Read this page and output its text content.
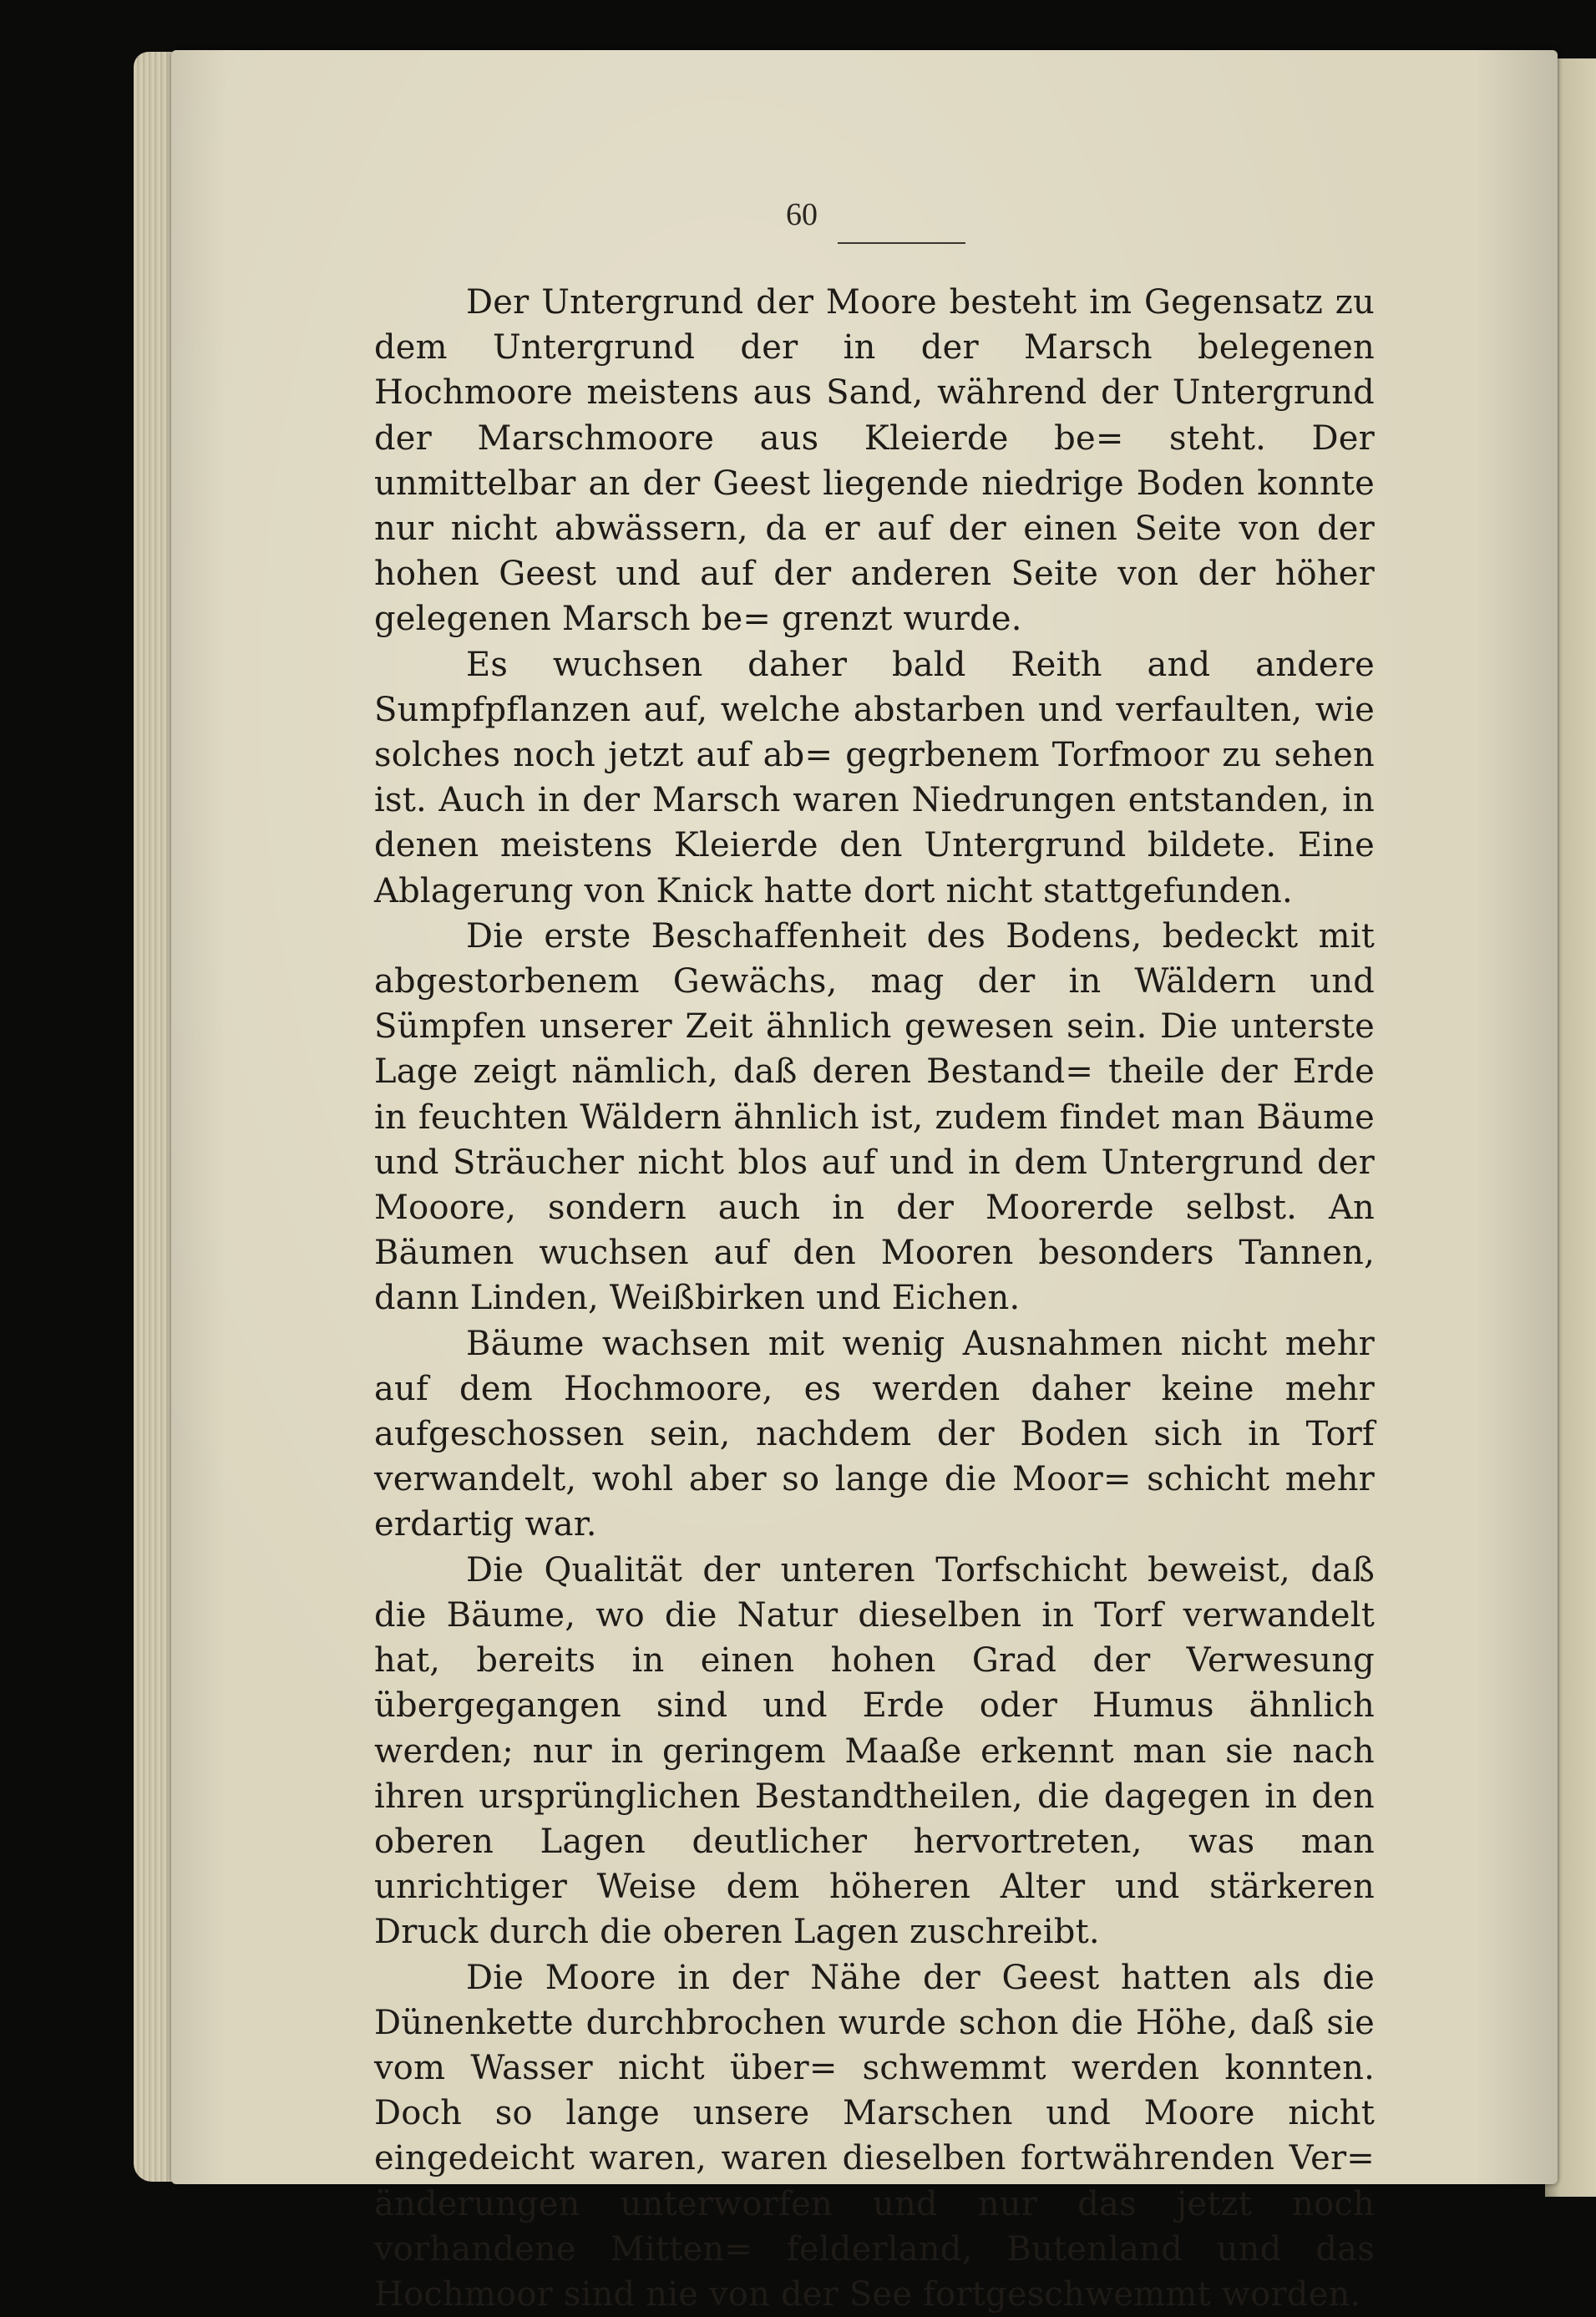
60

Der Untergrund der Moore besteht im Gegensatz zu dem Untergrund der in der Marsch belegenen Hochmoore meistens aus Sand, während der Untergrund der Marschmoore aus Kleierde be= steht. Der unmittelbar an der Geest liegende niedrige Boden konnte nur nicht abwässern, da er auf der einen Seite von der hohen Geest und auf der anderen Seite von der höher gelegenen Marsch be= grenzt wurde.

Es wuchsen daher bald Reith and andere Sumpfpflanzen auf, welche abstarben und verfaulten, wie solches noch jetzt auf ab= gegrbenem Torfmoor zu sehen ist. Auch in der Marsch waren Niedrungen entstanden, in denen meistens Kleierde den Untergrund bildete. Eine Ablagerung von Knick hatte dort nicht stattgefunden.

Die erste Beschaffenheit des Bodens, bedeckt mit abgestorbenem Gewächs, mag der in Wäldern und Sümpfen unserer Zeit ähnlich gewesen sein. Die unterste Lage zeigt nämlich, daß deren Bestand= theile der Erde in feuchten Wäldern ähnlich ist, zudem findet man Bäume und Sträucher nicht blos auf und in dem Untergrund der Mooore, sondern auch in der Moorerde selbst. An Bäumen wuchsen auf den Mooren besonders Tannen, dann Linden, Weißbirken und Eichen.

Bäume wachsen mit wenig Ausnahmen nicht mehr auf dem Hochmoore, es werden daher keine mehr aufgeschossen sein, nachdem der Boden sich in Torf verwandelt, wohl aber so lange die Moor= schicht mehr erdartig war.

Die Qualität der unteren Torfschicht beweist, daß die Bäume, wo die Natur dieselben in Torf verwandelt hat, bereits in einen hohen Grad der Verwesung übergegangen sind und Erde oder Humus ähnlich werden; nur in geringem Maaße erkennt man sie nach ihren ursprünglichen Bestandtheilen, die dagegen in den oberen Lagen deutlicher hervortreten, was man unrichtiger Weise dem höheren Alter und stärkeren Druck durch die oberen Lagen zuschreibt.

Die Moore in der Nähe der Geest hatten als die Dünenkette durchbrochen wurde schon die Höhe, daß sie vom Wasser nicht über= schwemmt werden konnten. Doch so lange unsere Marschen und Moore nicht eingedeicht waren, waren dieselben fortwährenden Ver= änderungen unterworfen und nur das jetzt noch vorhandene Mitten= felderland, Butenland und das Hochmoor sind nie von der See fortgeschwemmt worden.
